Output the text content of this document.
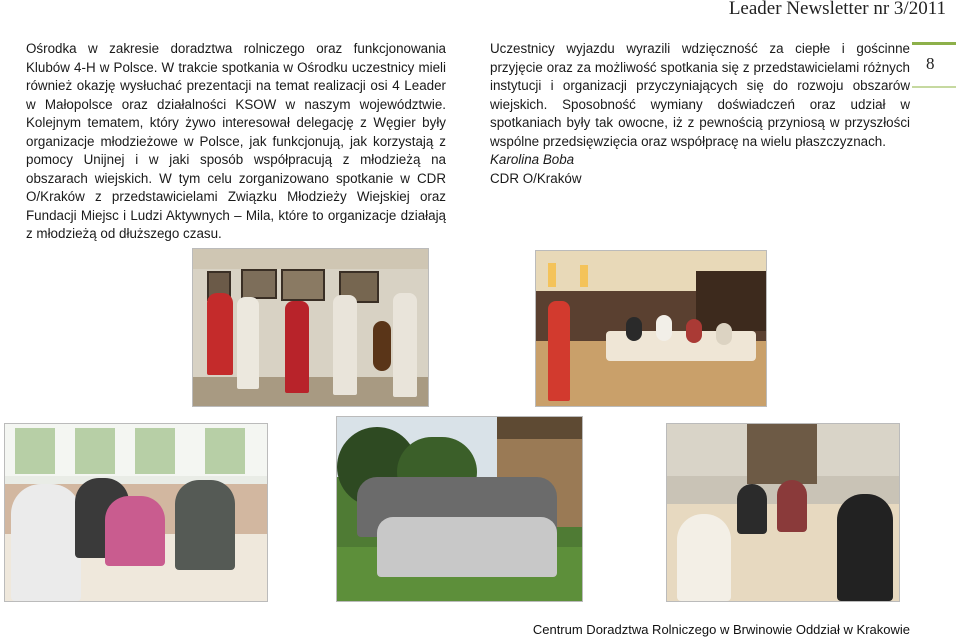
Leader Newsletter nr 3/2011
8

Ośrodka w zakresie doradztwa rolniczego oraz funkcjonowania Klubów 4-H w Polsce. W trakcie spotkania w Ośrodku uczestnicy mieli również okazję wysłuchać prezentacji na temat realizacji osi 4 Leader w Małopolsce oraz działalności KSOW w naszym województwie. Kolejnym tematem, który żywo interesował delegację z Węgier były organizacje młodzieżowe w Polsce, jak funkcjonują, jak korzystają z pomocy Unijnej i w jaki sposób współpracują z młodzieżą na obszarach wiejskich. W tym celu zorganizowano spotkanie w CDR O/Kraków z przedstawicielami Związku Młodzieży Wiejskiej oraz Fundacji Miejsc i Ludzi Aktywnych – Mila, które to organizacje działają z młodzieżą od dłuższego czasu.

Uczestnicy wyjazdu wyrazili wdzięczność za ciepłe i gościnne przyjęcie oraz za możliwość spotkania się z przedstawicielami różnych instytucji i organizacji przyczyniających się do rozwoju obszarów wiejskich. Sposobność wymiany doświadczeń oraz udział w spotkaniach były tak owocne, iż z pewnością przyniosą w przyszłości wspólne przedsięwzięcia oraz współpracę na wielu płaszczyznach.

Karolina Boba

CDR O/Kraków

Centrum Doradztwa Rolniczego w Brwinowie Oddział w Krakowie
